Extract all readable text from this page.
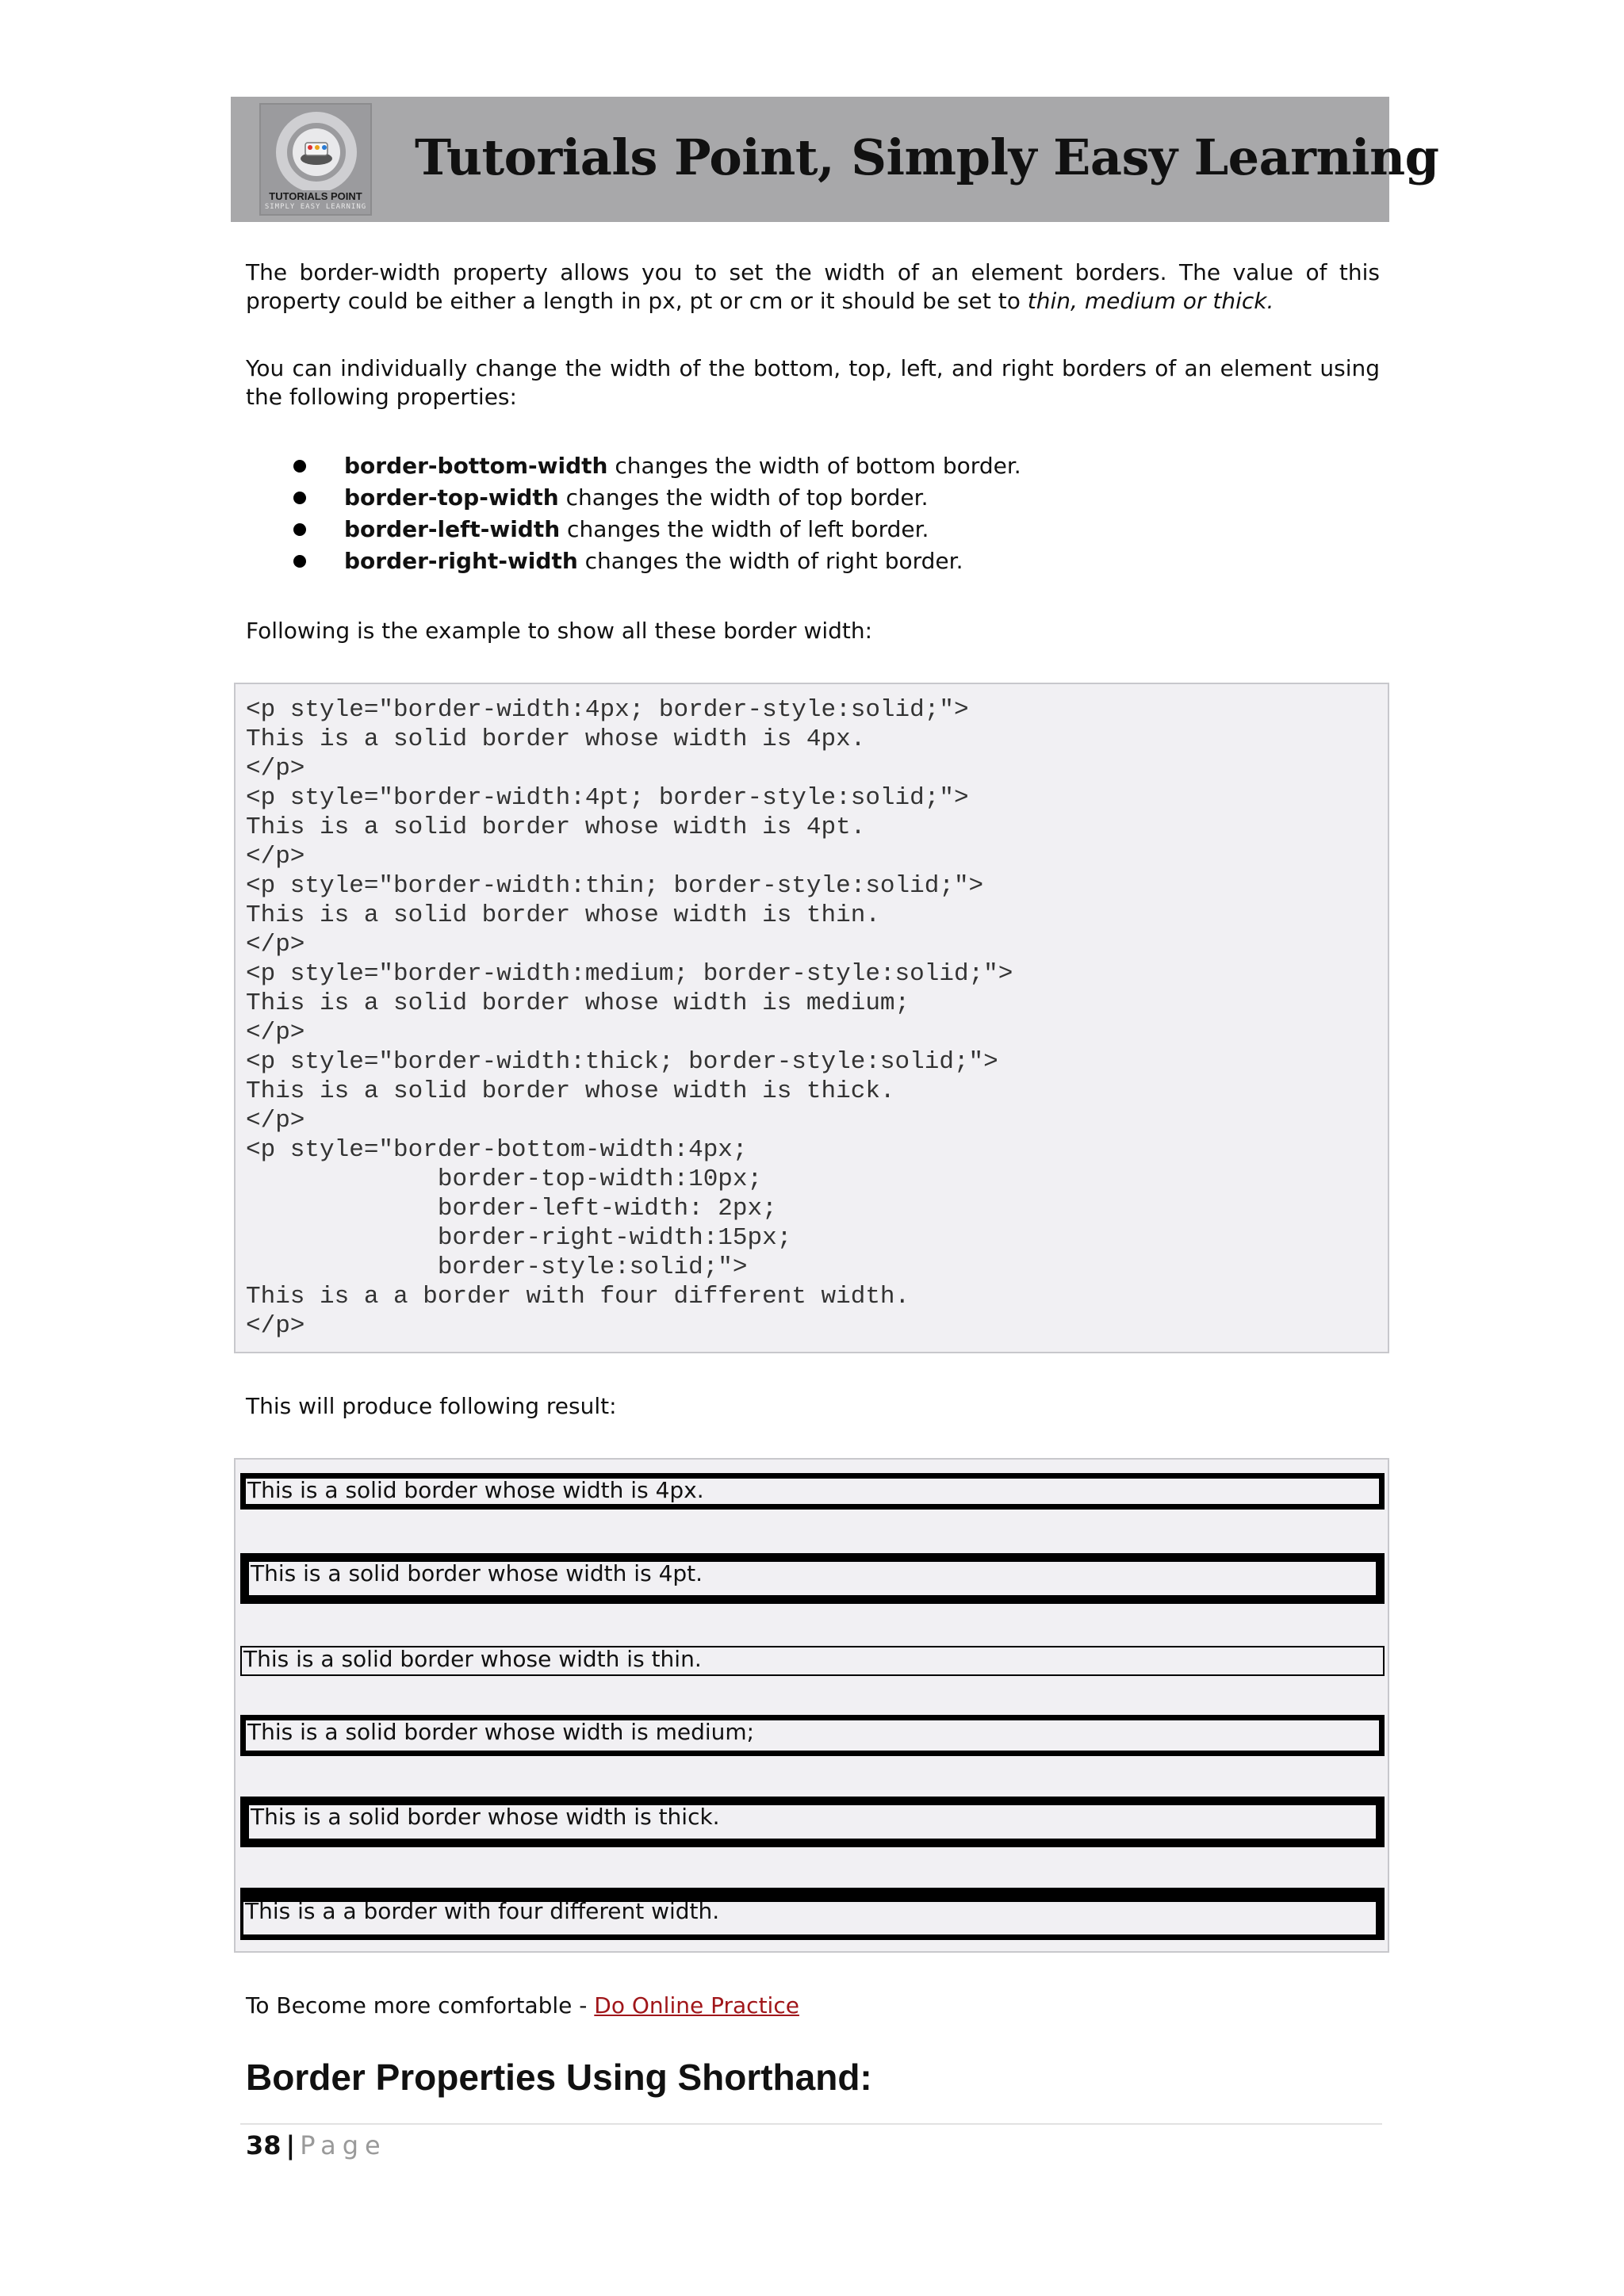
TUTORIALS POINT
SIMPLY EASY LEARNING
Tutorials Point, Simply Easy Learning

The border-width property allows you to set the width of an element borders. The value of this property could be either a length in px, pt or cm or it should be set to thin, medium or thick.

You can individually change the width of the bottom, top, left, and right borders of an element using the following properties:

border-bottom-width changes the width of bottom border.
border-top-width changes the width of top border.
border-left-width changes the width of left border.
border-right-width changes the width of right border.

Following is the example to show all these border width:

<p style="border-width:4px; border-style:solid;">
This is a solid border whose width is 4px.
</p>
<p style="border-width:4pt; border-style:solid;">
This is a solid border whose width is 4pt.
</p>
<p style="border-width:thin; border-style:solid;">
This is a solid border whose width is thin.
</p>
<p style="border-width:medium; border-style:solid;">
This is a solid border whose width is medium;
</p>
<p style="border-width:thick; border-style:solid;">
This is a solid border whose width is thick.
</p>
<p style="border-bottom-width:4px;
border-top-width:10px;
border-left-width: 2px;
border-right-width:15px;
border-style:solid;">
This is a a border with four different width.
</p>

This will produce following result:

This is a solid border whose width is 4px.
This is a solid border whose width is 4pt.
This is a solid border whose width is thin.
This is a solid border whose width is medium;
This is a solid border whose width is thick.
This is a a border with four different width.

To Become more comfortable - Do Online Practice

Border Properties Using Shorthand:
38 | Page
